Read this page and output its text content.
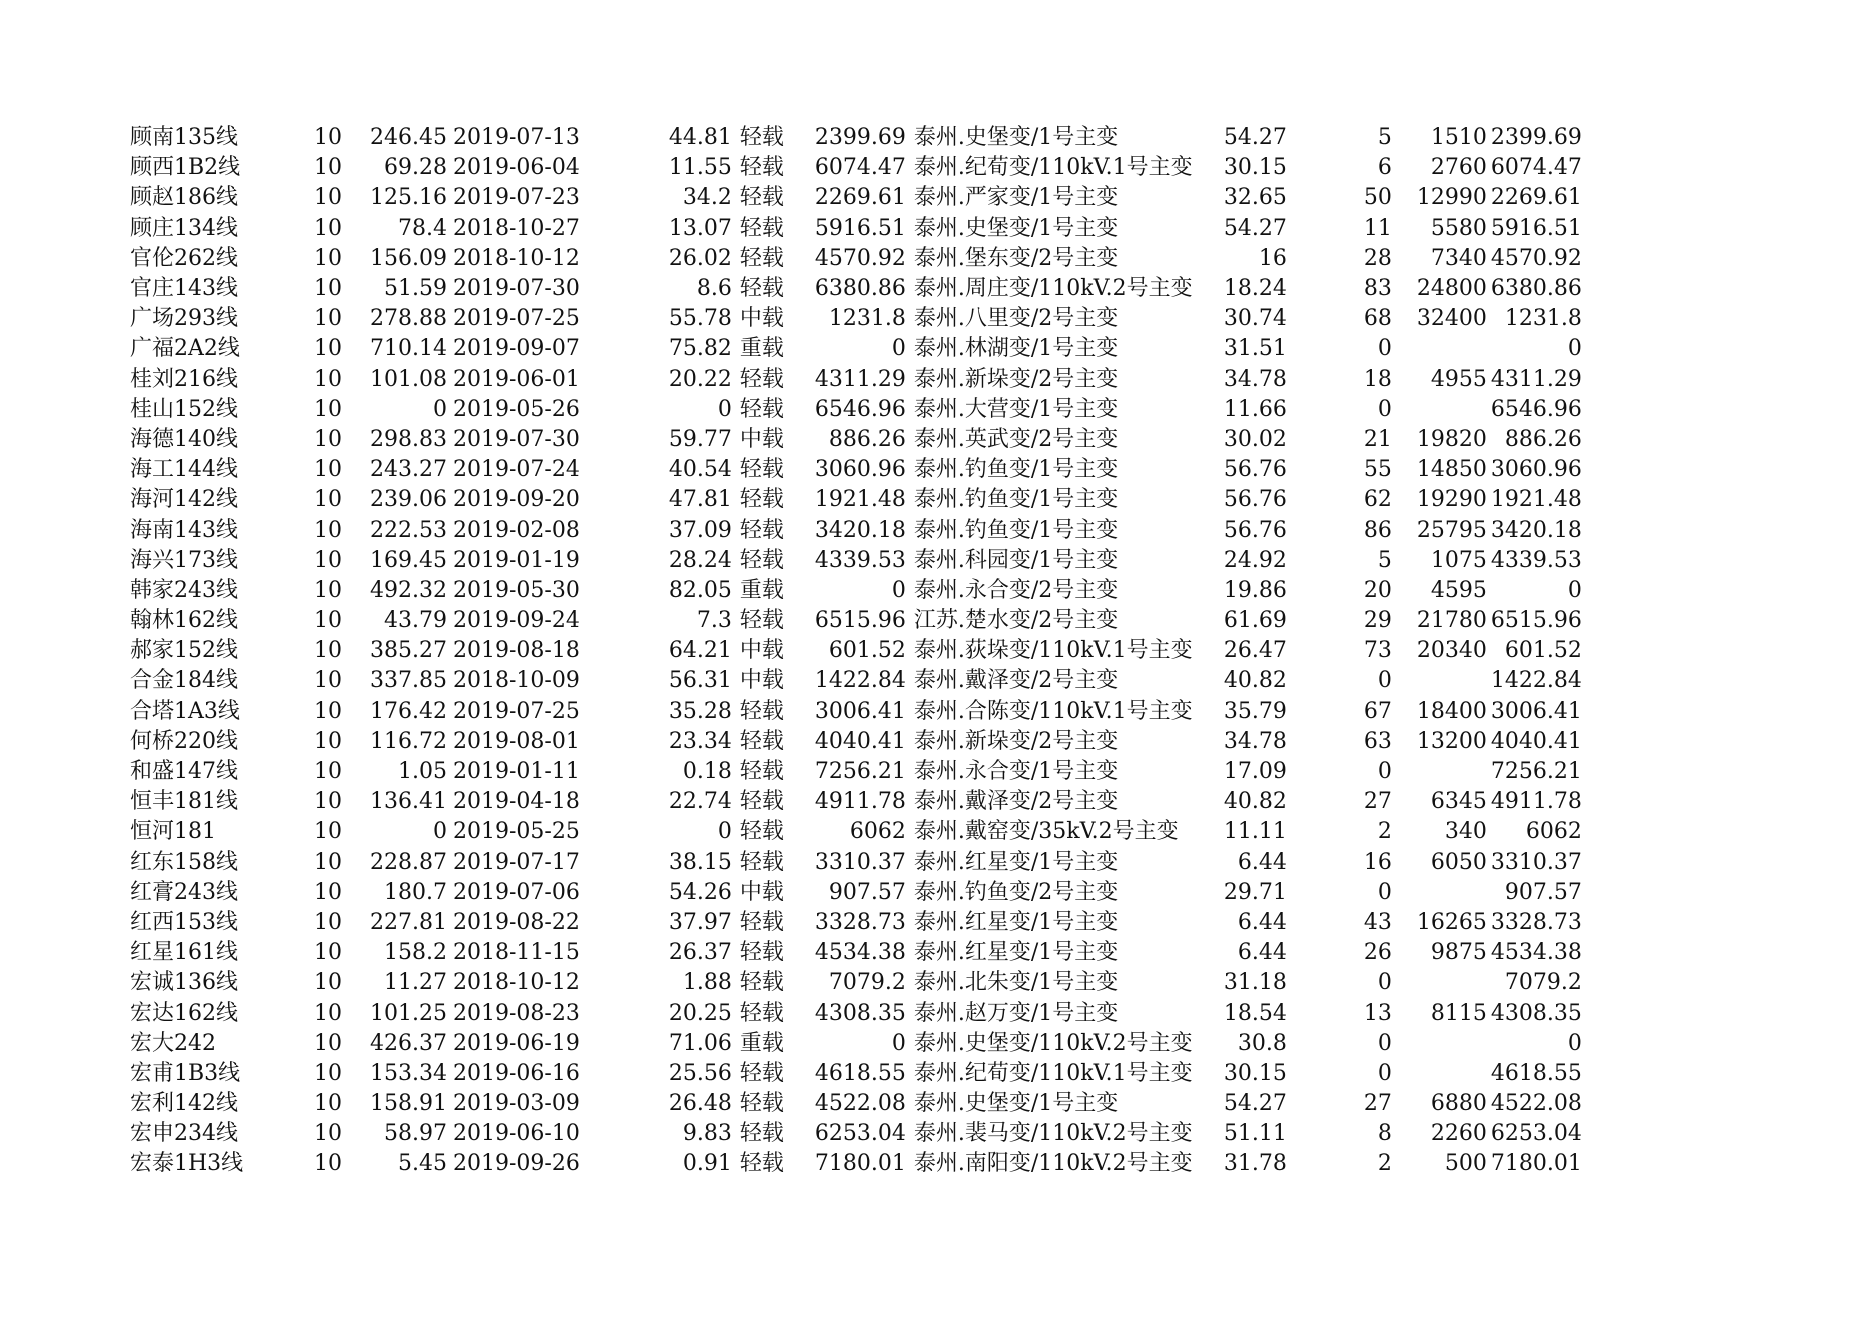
顾南135线	10	246.45	2019-07-13	44.81	轻载	2399.69	泰州.史堡变/1号主变	54.27	5	1510	2399.69
顾西1B2线	10	69.28	2019-06-04	11.55	轻载	6074.47	泰州.纪荀变/110kV.1号主变	30.15	6	2760	6074.47
顾赵186线	10	125.16	2019-07-23	34.2	轻载	2269.61	泰州.严家变/1号主变	32.65	50	12990	2269.61
顾庄134线	10	78.4	2018-10-27	13.07	轻载	5916.51	泰州.史堡变/1号主变	54.27	11	5580	5916.51
官伦262线	10	156.09	2018-10-12	26.02	轻载	4570.92	泰州.堡东变/2号主变	16	28	7340	4570.92
官庄143线	10	51.59	2019-07-30	8.6	轻载	6380.86	泰州.周庄变/110kV.2号主变	18.24	83	24800	6380.86
广场293线	10	278.88	2019-07-25	55.78	中载	1231.8	泰州.八里变/2号主变	30.74	68	32400	1231.8
广福2A2线	10	710.14	2019-09-07	75.82	重载	0	泰州.林湖变/1号主变	31.51	0		0
桂刘216线	10	101.08	2019-06-01	20.22	轻载	4311.29	泰州.新垛变/2号主变	34.78	18	4955	4311.29
桂山152线	10	0	2019-05-26	0	轻载	6546.96	泰州.大营变/1号主变	11.66	0		6546.96
海德140线	10	298.83	2019-07-30	59.77	中载	886.26	泰州.英武变/2号主变	30.02	21	19820	886.26
海工144线	10	243.27	2019-07-24	40.54	轻载	3060.96	泰州.钓鱼变/1号主变	56.76	55	14850	3060.96
海河142线	10	239.06	2019-09-20	47.81	轻载	1921.48	泰州.钓鱼变/1号主变	56.76	62	19290	1921.48
海南143线	10	222.53	2019-02-08	37.09	轻载	3420.18	泰州.钓鱼变/1号主变	56.76	86	25795	3420.18
海兴173线	10	169.45	2019-01-19	28.24	轻载	4339.53	泰州.科园变/1号主变	24.92	5	1075	4339.53
韩家243线	10	492.32	2019-05-30	82.05	重载	0	泰州.永合变/2号主变	19.86	20	4595	0
翰林162线	10	43.79	2019-09-24	7.3	轻载	6515.96	江苏.楚水变/2号主变	61.69	29	21780	6515.96
郝家152线	10	385.27	2019-08-18	64.21	中载	601.52	泰州.荻垛变/110kV.1号主变	26.47	73	20340	601.52
合金184线	10	337.85	2018-10-09	56.31	中载	1422.84	泰州.戴泽变/2号主变	40.82	0		1422.84
合塔1A3线	10	176.42	2019-07-25	35.28	轻载	3006.41	泰州.合陈变/110kV.1号主变	35.79	67	18400	3006.41
何桥220线	10	116.72	2019-08-01	23.34	轻载	4040.41	泰州.新垛变/2号主变	34.78	63	13200	4040.41
和盛147线	10	1.05	2019-01-11	0.18	轻载	7256.21	泰州.永合变/1号主变	17.09	0		7256.21
恒丰181线	10	136.41	2019-04-18	22.74	轻载	4911.78	泰州.戴泽变/2号主变	40.82	27	6345	4911.78
恒河181	10	0	2019-05-25	0	轻载	6062	泰州.戴窑变/35kV.2号主变	11.11	2	340	6062
红东158线	10	228.87	2019-07-17	38.15	轻载	3310.37	泰州.红星变/1号主变	6.44	16	6050	3310.37
红膏243线	10	180.7	2019-07-06	54.26	中载	907.57	泰州.钓鱼变/2号主变	29.71	0		907.57
红西153线	10	227.81	2019-08-22	37.97	轻载	3328.73	泰州.红星变/1号主变	6.44	43	16265	3328.73
红星161线	10	158.2	2018-11-15	26.37	轻载	4534.38	泰州.红星变/1号主变	6.44	26	9875	4534.38
宏诚136线	10	11.27	2018-10-12	1.88	轻载	7079.2	泰州.北朱变/1号主变	31.18	0		7079.2
宏达162线	10	101.25	2019-08-23	20.25	轻载	4308.35	泰州.赵万变/1号主变	18.54	13	8115	4308.35
宏大242	10	426.37	2019-06-19	71.06	重载	0	泰州.史堡变/110kV.2号主变	30.8	0		0
宏甫1B3线	10	153.34	2019-06-16	25.56	轻载	4618.55	泰州.纪荀变/110kV.1号主变	30.15	0		4618.55
宏利142线	10	158.91	2019-03-09	26.48	轻载	4522.08	泰州.史堡变/1号主变	54.27	27	6880	4522.08
宏申234线	10	58.97	2019-06-10	9.83	轻载	6253.04	泰州.裴马变/110kV.2号主变	51.11	8	2260	6253.04
宏泰1H3线	10	5.45	2019-09-26	0.91	轻载	7180.01	泰州.南阳变/110kV.2号主变	31.78	2	500	7180.01
